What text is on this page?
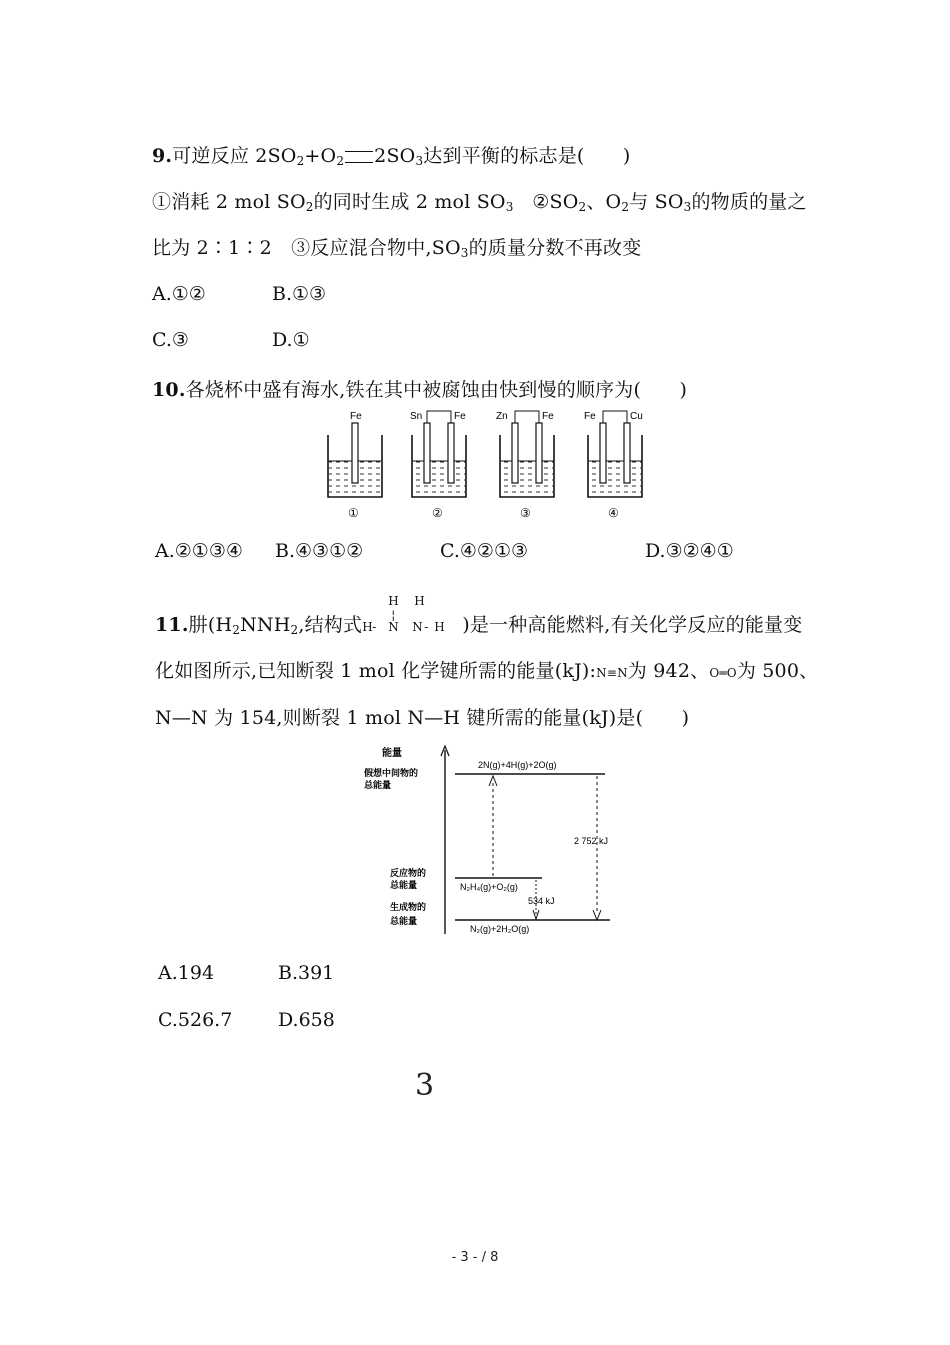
9.可逆反应 $2SO_2+O_2$ $2SO_3$达到平衡的标志是(　　)
①消耗 2 mol $SO_2$的同时生成 2 mol $SO_3$ $②SO_2$、$O_2$与 $SO_3$的物质的量之
比为 2∶1∶2　③反应混合物中$,SO_3$的质量分数不再改变
A.①②	B.①③
C.③	D.①
10.各烧杯中盛有海水,铁在其中被腐蚀由快到慢的顺序为(　　)
Fe
①
Sn	Fe
②
Zn	Fe
③
Fe	Cu
④
A.②①③④ B.④③①②	C.④②①③	D.③②④①
11.肼($H_2NNH_2$,结构式 H -
H
¦
N
H
N - H )是一种高能燃料,有关化学反应的能量变
化如图所示,已知断裂 1 mol 化学键所需的能量(kJ):N≡N为 942、O═O为 500、
N—N 为 154,则断裂 1 mol N—H 键所需的能量(kJ)是(　　)
能量
假想中间物的
总能量
2N(g)+4H(g)+2O(g)
反应物的
总能量	N₂H₄(g)+O₂(g)
生成物的
总能量
N₂(g)+2H₂O(g)
2 752 kJ
534 kJ
A.194	B.391
C.526.7 D.658
3
- 3 - / 8
